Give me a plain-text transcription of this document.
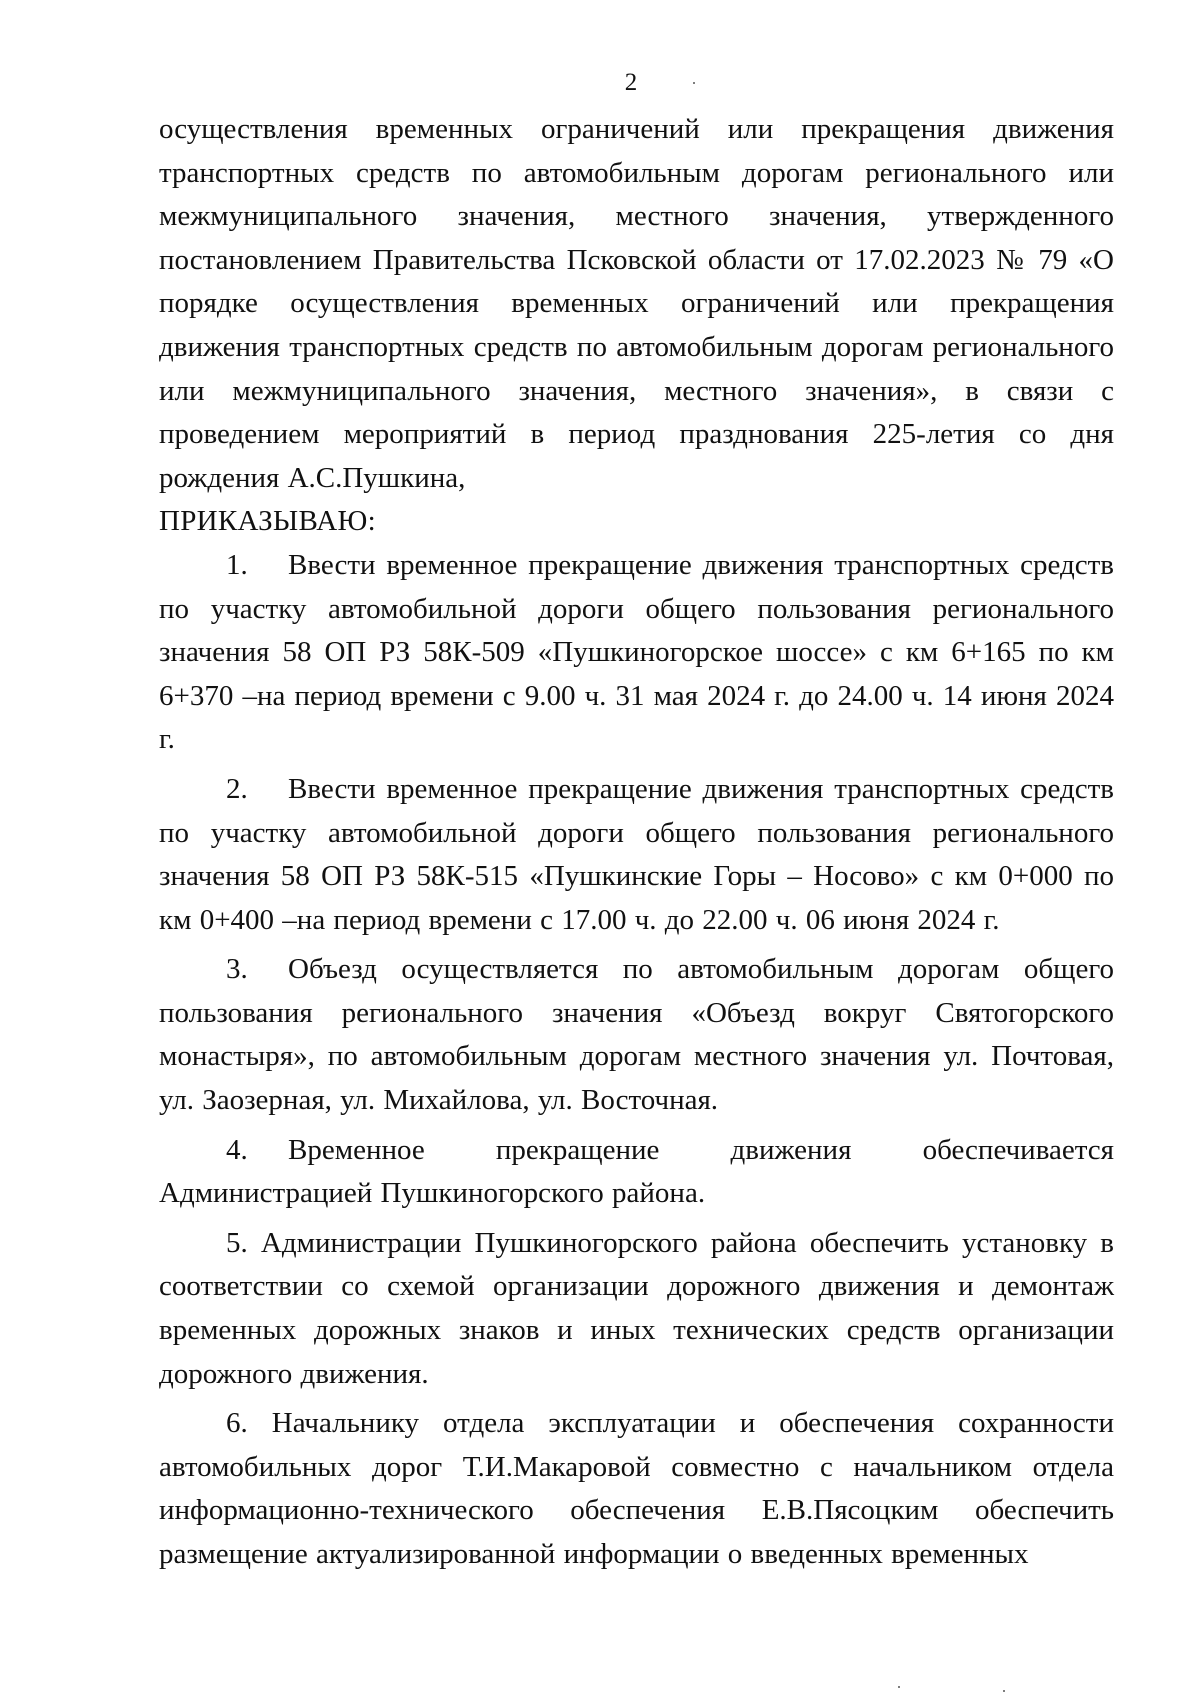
2

осуществления временных ограничений или прекращения движения транспортных средств по автомобильным дорогам регионального или межмуниципального значения, местного значения, утвержденного постановлением Правительства Псковской области от 17.02.2023 № 79 «О порядке осуществления временных ограничений или прекращения движения транспортных средств по автомобильным дорогам регионального или межмуниципального значения, местного значения», в связи с проведением мероприятий в период празднования 225-летия со дня рождения А.С.Пушкина,

ПРИКАЗЫВАЮ:

1. Ввести временное прекращение движения транспортных средств по участку автомобильной дороги общего пользования регионального значения 58 ОП РЗ 58К-509 «Пушкиногорское шоссе» с км 6+165 по км 6+370 –на период времени с 9.00 ч. 31 мая 2024 г. до 24.00 ч. 14 июня 2024 г.

2. Ввести временное прекращение движения транспортных средств по участку автомобильной дороги общего пользования регионального значения 58 ОП РЗ 58К-515 «Пушкинские Горы – Носово» с км 0+000 по км 0+400 –на период времени с 17.00 ч. до 22.00 ч. 06 июня 2024 г.

3. Объезд осуществляется по автомобильным дорогам общего пользования регионального значения «Объезд вокруг Святогорского монастыря», по автомобильным дорогам местного значения ул. Почтовая, ул. Заозерная, ул. Михайлова, ул. Восточная.

4. Временное прекращение движения обеспечивается Администрацией Пушкиногорского района.

5. Администрации Пушкиногорского района обеспечить установку в соответствии со схемой организации дорожного движения и демонтаж временных дорожных знаков и иных технических средств организации дорожного движения.

6. Начальнику отдела эксплуатации и обеспечения сохранности автомобильных дорог Т.И.Макаровой совместно с начальником отдела информационно-технического обеспечения Е.В.Пясоцким обеспечить размещение актуализированной информации о введенных временных
